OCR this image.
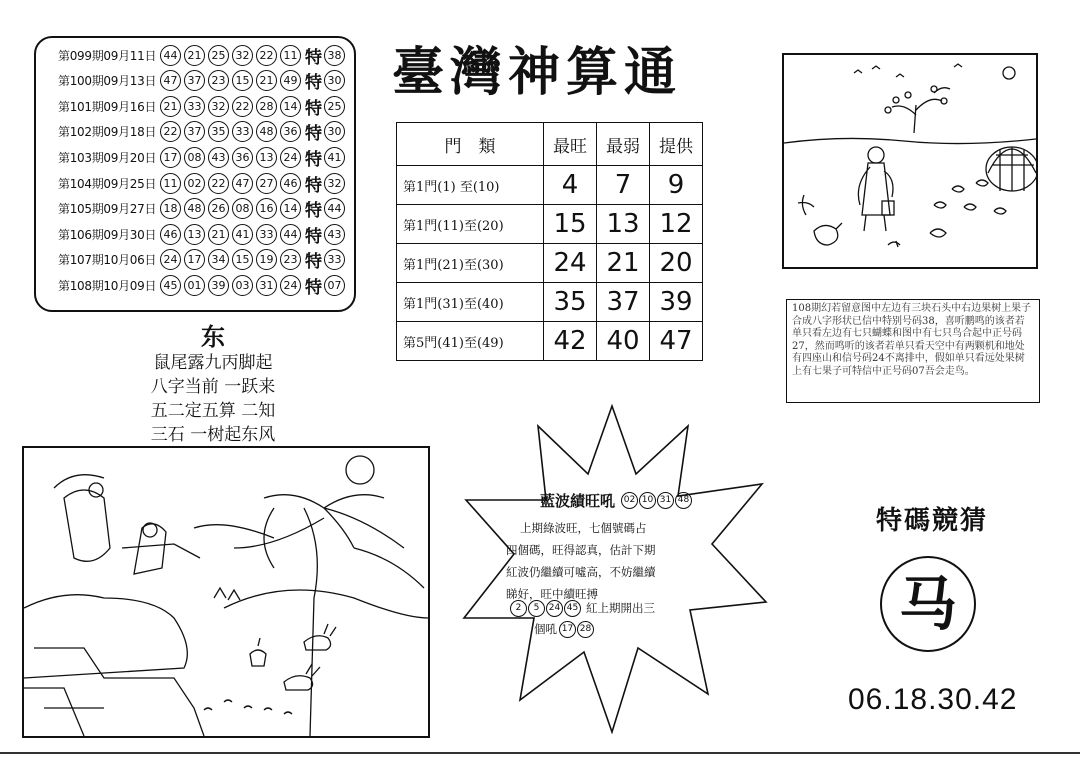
第099期09月11日 44 21 25 32 22 11 特 38
第100期09月13日 47 37 23 15 21 49 特 30
第101期09月16日 21 33 32 22 28 14 特 25
第102期09月18日 22 37 35 33 48 36 特 30
第103期09月20日 17 08 43 36 13 24 特 41
第104期09月25日 11 02 22 47 27 46 特 32
第105期09月27日 18 48 26 08 16 14 特 44
第106期09月30日 46 13 21 41 33 44 特 43
第107期10月06日 24 17 34 15 19 23 特 33
第108期10月09日 45 01 39 03 31 24 特 07
臺灣神算通
門　類	最旺	最弱	提供
第1門(1) 至(10)	4	7	9
第1門(11)至(20)	15	13	12
第1門(21)至(30)	24	21	20
第1門(31)至(40)	35	37	39
第5門(41)至(49)	42	40	47
东
鼠尾露九丙脚起
八字当前 一跃来
五二定五算 二知
三石 一树起东风
108期幻若留意图中左边有三块石头中右边果树上果子合成八字形状已信中特别号码38，喜听鹏鸣的该者若单只看左边有七只蝴蝶和图中有七只鸟合起中正号码27，然而鸣听的该者若单只看天空中有两颗机和地处有四座山和信号码24不离排中，假如单只看远处果树上有七果子可特信中正号码07吾会走鸟。
藍波績旺吼 02 10 31 48
上期綠波旺，七個號碼占
四個碼，旺得認真，估計下期
紅波仍繼續可噓高，不妨繼續
睇好，旺中續旺搏
2	5	24 45 紅上期開出三
個吼 17 28
特碼競猜
马
06.18.30.42
